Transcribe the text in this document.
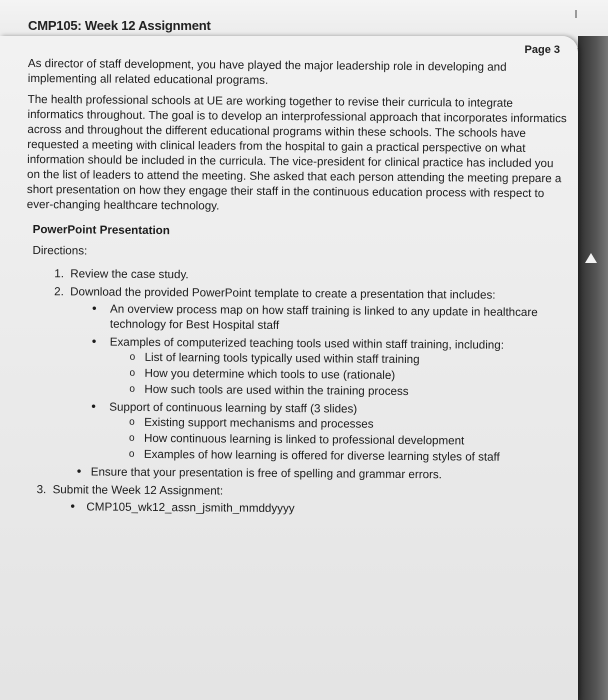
CMP105: Week 12 Assignment
Page 3

As director of staff development, you have played the major leadership role in developing and implementing all related educational programs.

The health professional schools at UE are working together to revise their curricula to integrate informatics throughout. The goal is to develop an interprofessional approach that incorporates informatics across and throughout the different educational programs within these schools. The schools have requested a meeting with clinical leaders from the hospital to gain a practical perspective on what information should be included in the curricula. The vice-president for clinical practice has included you on the list of leaders to attend the meeting. She asked that each person attending the meeting prepare a short presentation on how they engage their staff in the continuous education process with respect to ever-changing healthcare technology.

PowerPoint Presentation
Directions:
1. Review the case study.
2. Download the provided PowerPoint template to create a presentation that includes:
• An overview process map on how staff training is linked to any update in healthcare technology for Best Hospital staff
• Examples of computerized teaching tools used within staff training, including:
o List of learning tools typically used within staff training
o How you determine which tools to use (rationale)
o How such tools are used within the training process
• Support of continuous learning by staff (3 slides)
o Existing support mechanisms and processes
o How continuous learning is linked to professional development
o Examples of how learning is offered for diverse learning styles of staff
• Ensure that your presentation is free of spelling and grammar errors.
3. Submit the Week 12 Assignment:
• CMP105_wk12_assn_jsmith_mmddyyyy
